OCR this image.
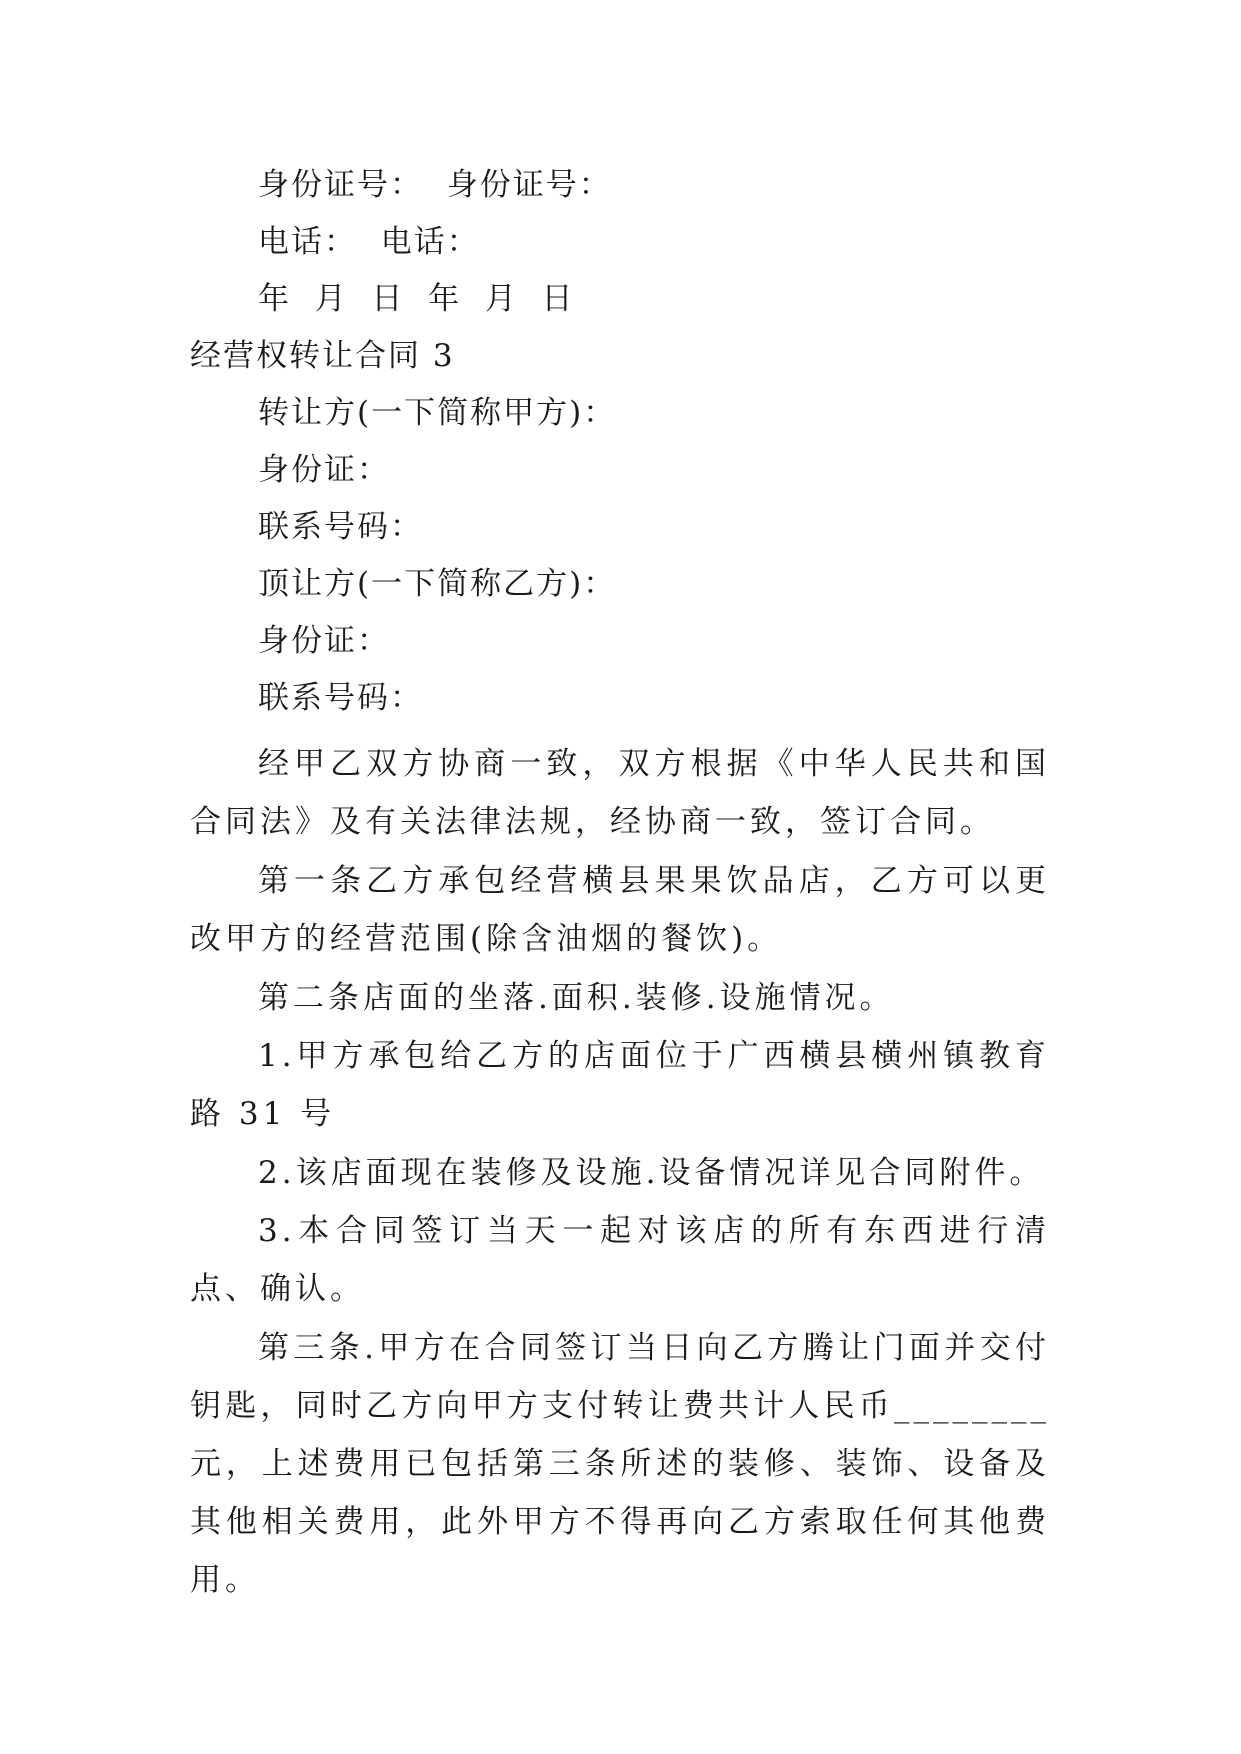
身份证号：  身份证号：
电话：  电话：
年  月  日  年  月  日
经营权转让合同 3
转让方(一下简称甲方)：
身份证：
联系号码：
顶让方(一下简称乙方)：
身份证：
联系号码：
经甲乙双方协商一致，双方根据《中华人民共和国合同法》及有关法律法规，经协商一致，签订合同。
第一条乙方承包经营横县果果饮品店，乙方可以更改甲方的经营范围(除含油烟的餐饮)。
第二条店面的坐落.面积.装修.设施情况。
1.甲方承包给乙方的店面位于广西横县横州镇教育路 31 号
2.该店面现在装修及设施.设备情况详见合同附件。
3.本合同签订当天一起对该店的所有东西进行清点、确认。
第三条.甲方在合同签订当日向乙方腾让门面并交付钥匙，同时乙方向甲方支付转让费共计人民币________元，上述费用已包括第三条所述的装修、装饰、设备及其他相关费用，此外甲方不得再向乙方索取任何其他费用。
